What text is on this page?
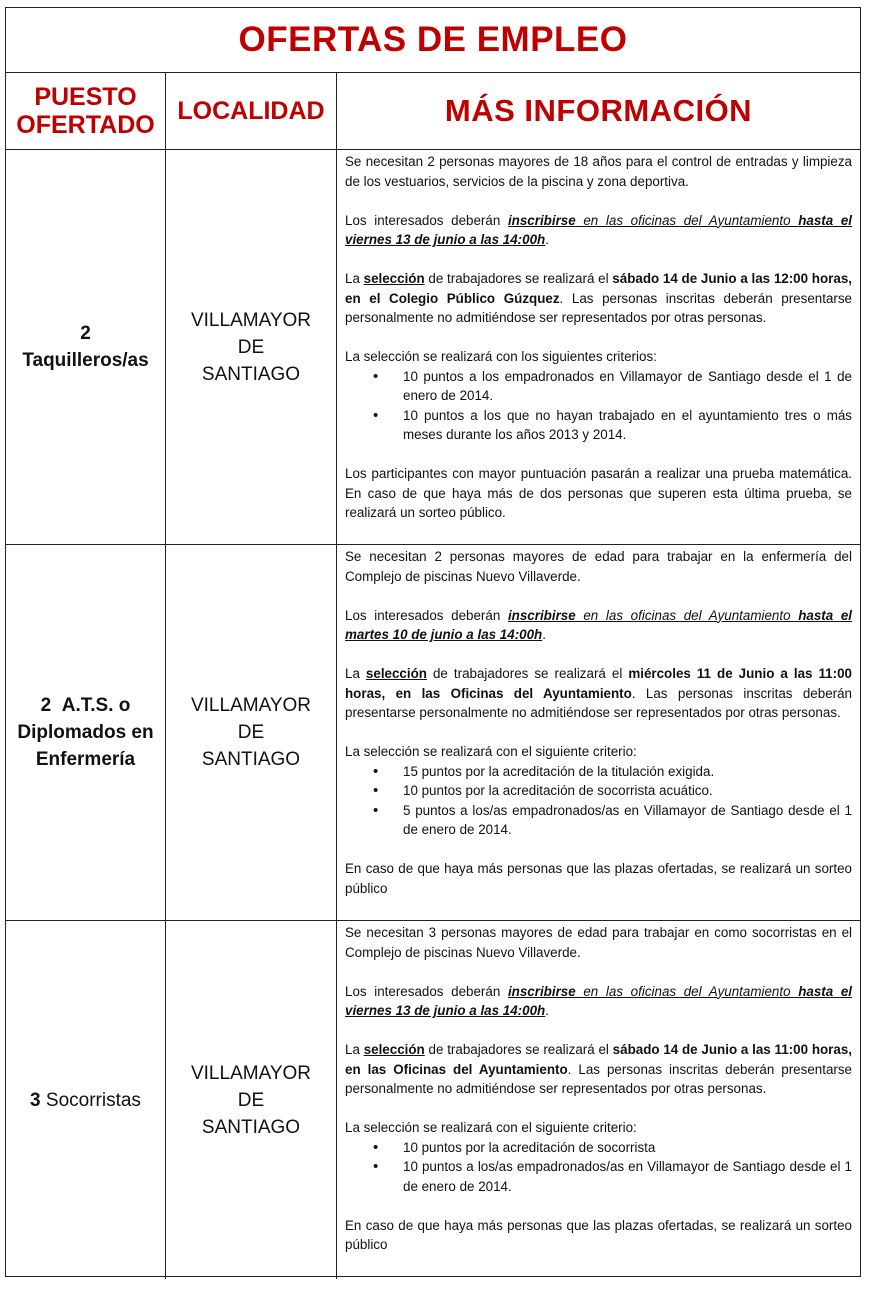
OFERTAS DE EMPLEO
PUESTO
OFERTADO
LOCALIDAD	MÁS INFORMACIÓN
2
Taquilleros/as
VILLAMAYOR DE
SANTIAGO

Se necesitan 2 personas mayores de 18 años para el control de entradas y limpieza de los vestuarios, servicios de la piscina y zona deportiva.

Los interesados deberán inscribirse en las oficinas del Ayuntamiento hasta el viernes 13 de junio a las 14:00h.

La selección de trabajadores se realizará el sábado 14 de Junio a las 12:00 horas, en el Colegio Público Gúzquez. Las personas inscritas deberán presentarse personalmente no admitiéndose ser representados por otras personas.

La selección se realizará con los siguientes criterios:

• 10 puntos a los empadronados en Villamayor de Santiago desde el 1 de enero de 2014.
• 10 puntos a los que no hayan trabajado en el ayuntamiento tres o más meses durante los años 2013 y 2014.

Los participantes con mayor puntuación pasarán a realizar una prueba matemática. En caso de que haya más de dos personas que superen esta última prueba, se realizará un sorteo público.

2 A.T.S. o
Diplomados en
Enfermería
VILLAMAYOR DE
SANTIAGO

Se necesitan 2 personas mayores de edad para trabajar en la enfermería del Complejo de piscinas Nuevo Villaverde.

Los interesados deberán inscribirse en las oficinas del Ayuntamiento hasta el martes 10 de junio a las 14:00h.

La selección de trabajadores se realizará el miércoles 11 de Junio a las 11:00 horas, en las Oficinas del Ayuntamiento. Las personas inscritas deberán presentarse personalmente no admitiéndose ser representados por otras personas.

La selección se realizará con el siguiente criterio:

• 15 puntos por la acreditación de la titulación exigida.
• 10 puntos por la acreditación de socorrista acuático.
• 5 puntos a los/as empadronados/as en Villamayor de Santiago desde el 1 de enero de 2014.

En caso de que haya más personas que las plazas ofertadas, se realizará un sorteo público

3 Socorristas
VILLAMAYOR DE
SANTIAGO

Se necesitan 3 personas mayores de edad para trabajar en como socorristas en el Complejo de piscinas Nuevo Villaverde.

Los interesados deberán inscribirse en las oficinas del Ayuntamiento hasta el viernes 13 de junio a las 14:00h.

La selección de trabajadores se realizará el sábado 14 de Junio a las 11:00 horas, en las Oficinas del Ayuntamiento. Las personas inscritas deberán presentarse personalmente no admitiéndose ser representados por otras personas.

La selección se realizará con el siguiente criterio:

• 10 puntos por la acreditación de socorrista
• 10 puntos a los/as empadronados/as en Villamayor de Santiago desde el 1 de enero de 2014.

En caso de que haya más personas que las plazas ofertadas, se realizará un sorteo público
